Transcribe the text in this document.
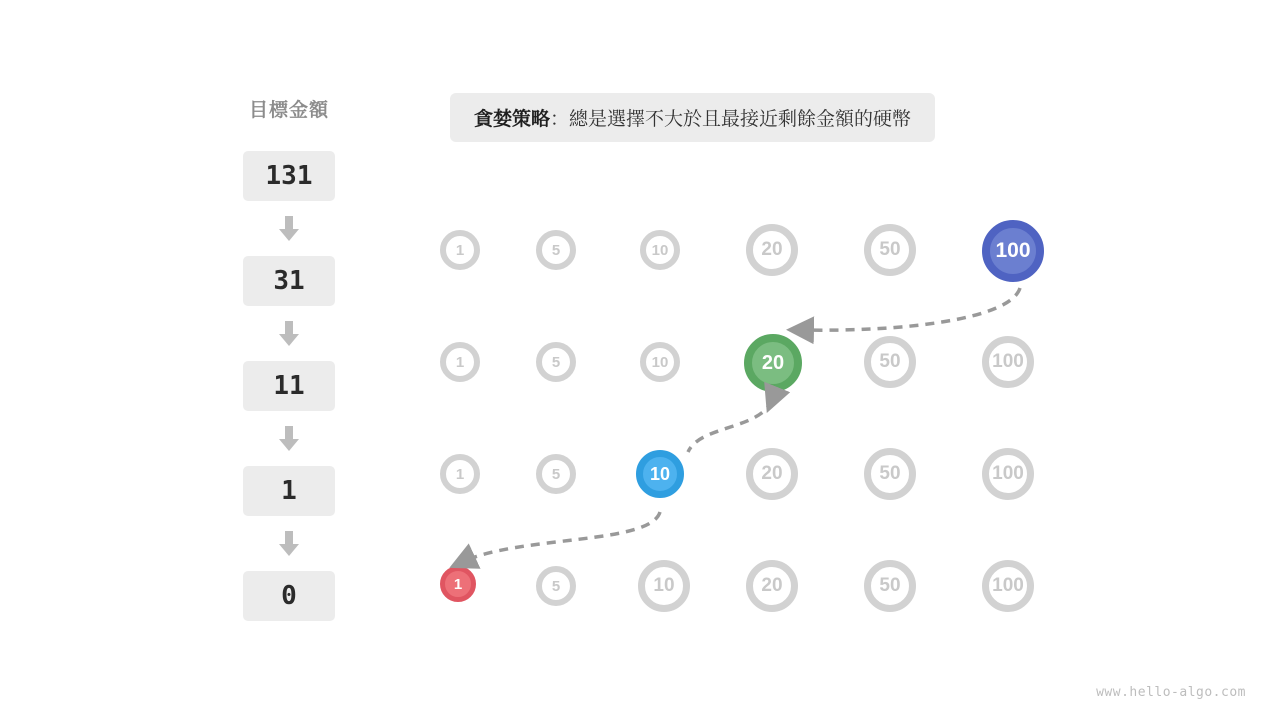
目標金額
131
31
11
1
0
貪婪策略：總是選擇不大於且最接近剩餘金額的硬幣
1	5	10	20	50	100
1	5	10	20	50	100
1	5	10	20	50	100
1	5	10	20	50	100
www.hello-algo.com
